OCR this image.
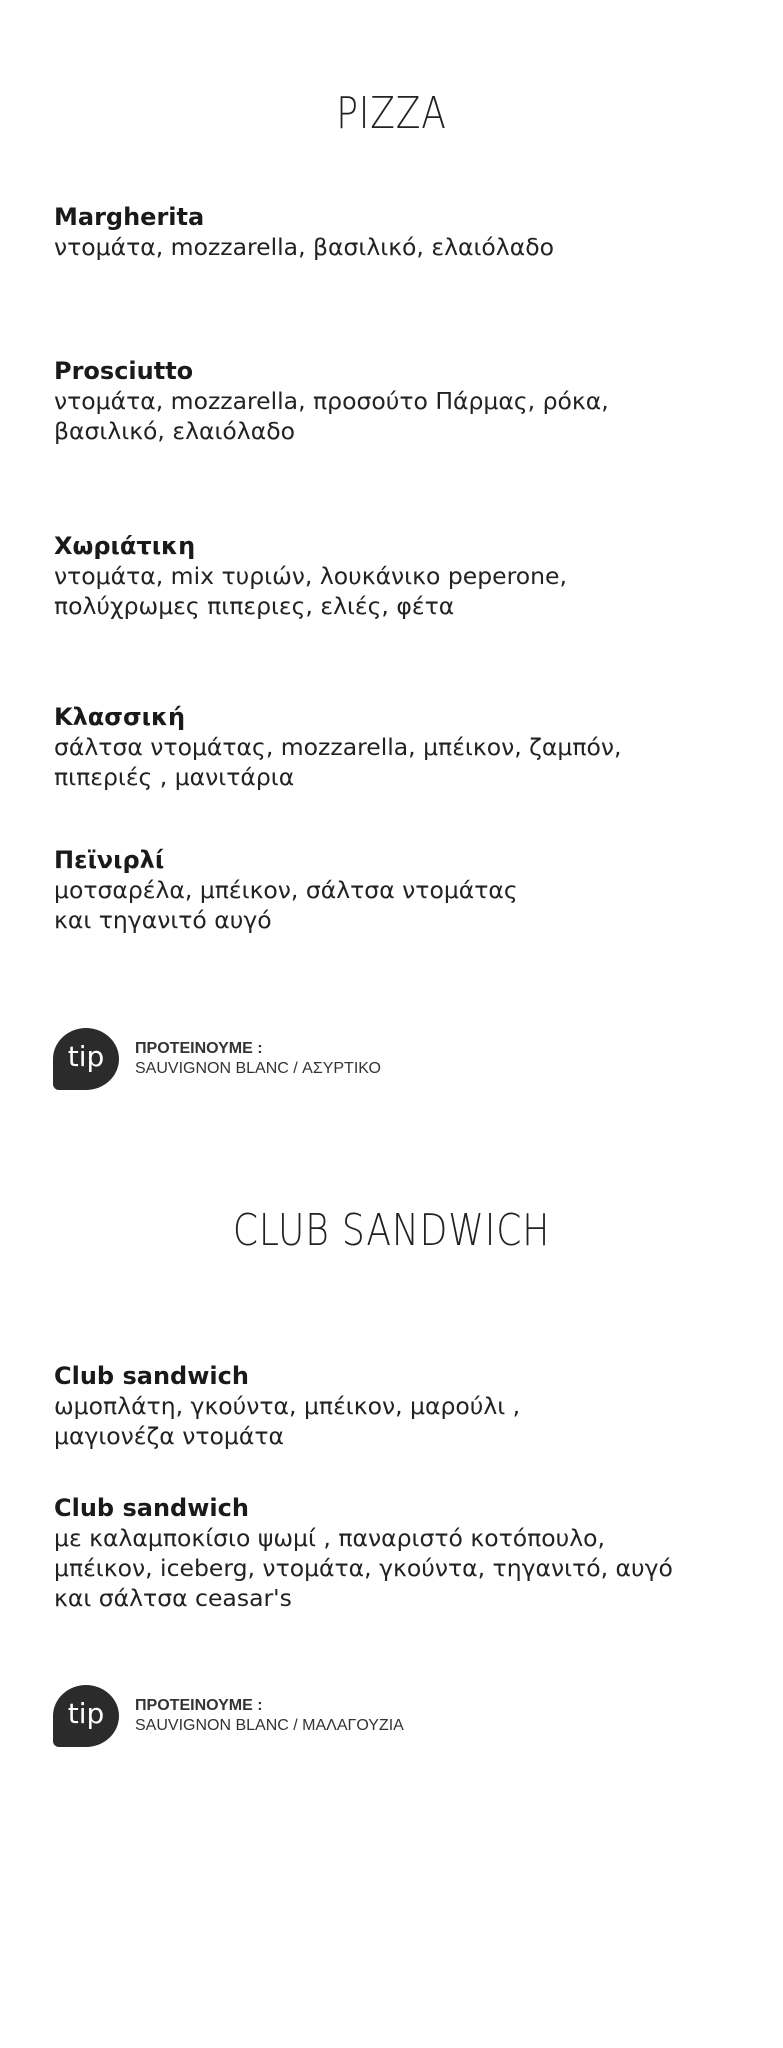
PIZZA
Margherita
ντομάτα, mozzarella, βασιλικό, ελαιόλαδο
Prosciutto
ντομάτα, mozzarella, προσούτο Πάρμας, ρόκα,
βασιλικό, ελαιόλαδο
Χωριάτικη
ντομάτα, mix τυριών, λουκάνικο peperone,
πολύχρωμες πιπεριες, ελιές, φέτα
Κλασσική
σάλτσα ντομάτας, mozzarella, μπέικον, ζαμπόν,
πιπεριές , μανιτάρια
Πεϊνιρλί
μοτσαρέλα, μπέικον, σάλτσα ντομάτας
και τηγανιτό αυγό
tip	ΠΡΟΤΕΙΝΟΥΜΕ :
SAUVIGNON BLANC / ΑΣΥΡΤΙΚΟ
CLUB SANDWICH
Club sandwich
ωμοπλάτη, γκούντα, μπέικον, μαρούλι ,
μαγιονέζα ντομάτα
Club sandwich
με καλαμποκίσιο ψωμί , παναριστό κοτόπουλο,
μπέικον, iceberg, ντομάτα, γκούντα, τηγανιτό, αυγό
και σάλτσα ceasar's
tip	ΠΡΟΤΕΙΝΟΥΜΕ :
SAUVIGNON BLANC / ΜΑΛΑΓΟΥΖΙΑ
